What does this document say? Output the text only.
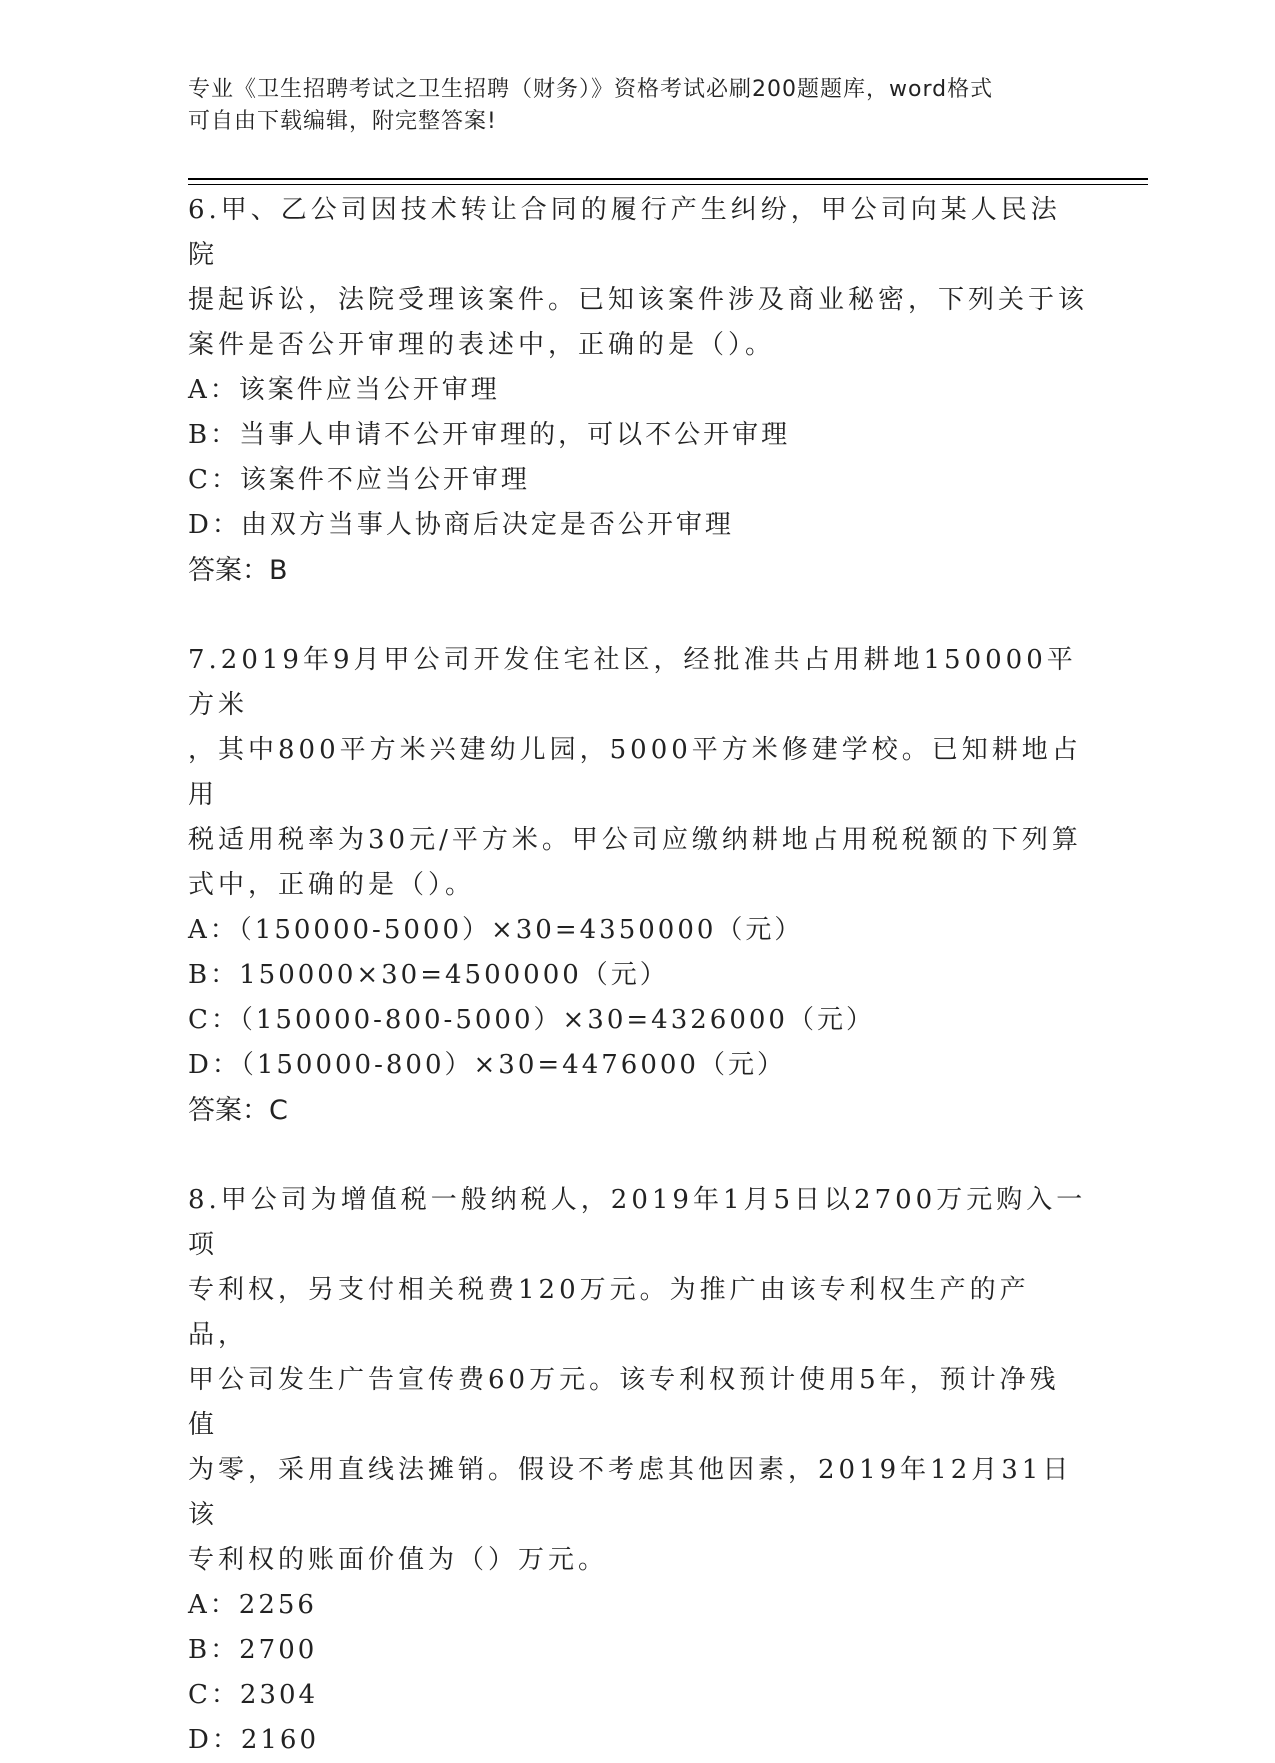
专业《卫生招聘考试之卫生招聘（财务）》资格考试必刷200题题库，word格式
可自由下载编辑，附完整答案!

6.甲、乙公司因技术转让合同的履行产生纠纷，甲公司向某人民法院

提起诉讼，法院受理该案件。已知该案件涉及商业秘密，下列关于该

案件是否公开审理的表述中，正确的是（）。

A：该案件应当公开审理

B：当事人申请不公开审理的，可以不公开审理

C：该案件不应当公开审理

D：由双方当事人协商后决定是否公开审理

答案：B

7.2019年9月甲公司开发住宅社区，经批准共占用耕地150000平方米

，其中800平方米兴建幼儿园，5000平方米修建学校。已知耕地占用

税适用税率为30元/平方米。甲公司应缴纳耕地占用税税额的下列算

式中，正确的是（）。

A：（150000-5000）×30=4350000（元）

B：150000×30=4500000（元）

C：（150000-800-5000）×30=4326000（元）

D：（150000-800）×30=4476000（元）

答案：C

8.甲公司为增值税一般纳税人，2019年1月5日以2700万元购入一项

专利权，另支付相关税费120万元。为推广由该专利权生产的产品，

甲公司发生广告宣传费60万元。该专利权预计使用5年，预计净残值

为零，采用直线法摊销。假设不考虑其他因素，2019年12月31日该

专利权的账面价值为（）万元。

A：2256

B：2700

C：2304

D：2160
